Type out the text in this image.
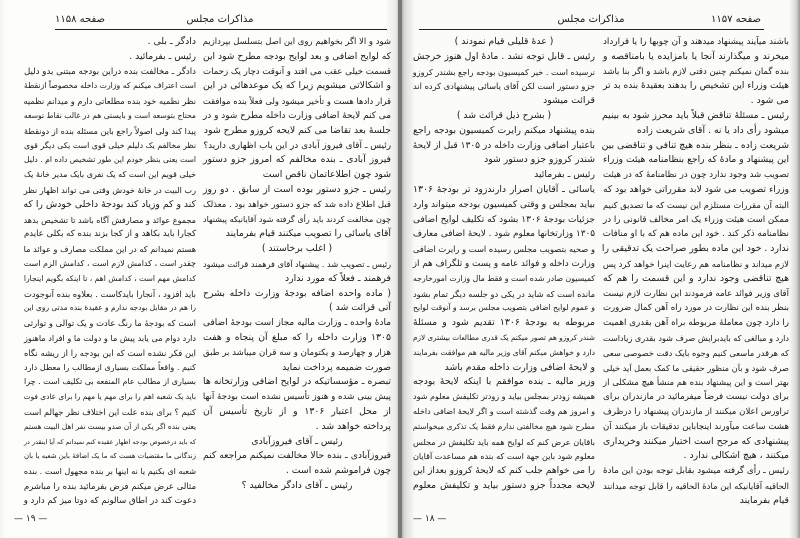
مذاکرات مجلس
صفحه ۱۱۵۸
دادگر ـ بلی .
رئیس ـ بفرمائید .
دادگر ـ مخالفت بنده دراین بودجه مبتنی بدو دلیل
است اعتراف میکنم که وزارت داخله مخصوصاً ازنقطهٔ
نظر نظمیه خود بنده مطلعاتی دارم و میدانم نظمیه
محتاج بتوسعه است و بایستی هم در غالب نقاط توسعه
پیدا کند ولی اصولاً راجع باین مسئله بنده از دونقطهٔ
نظر مخالفم یک دلیلم خیلی قوی است یکی دیگر قوی
است یعنی بنظر خودم این طور تشخیص داده ام . دلیل
خیلی قویم این است که یک نفری بایک مدیر خانهٔ یک
رب البیت در خانهٔ خودش وقتی می تواند اظهار نظر
کند و کم وزیاد کند بودجهٔ داخلی خودش را که
مجموع عوائد و مصارفش آگاه باشد تا تشخیص بدهد
کجارا باید بکاهد و از کجا بزند بنده که بکلی عایدم
هستم نمیدانم که در این مملکت مصارف و عوائد ما
چقدر است ، کدامش لازم است ، کدامش الزم است
کدامش مهم است ، کدامش اهم ، تا اینکه بگویم اینجارا
باید افزود ، آنجارا بایدکاست . بعلاوه بنده آنوجودت
را هم در مقابل بودجه ندارم و عقیدهٔ بنده مدتی روی این
است که بودجهٔ ما رنگ عادت و یک توالی و توارثی
دارد دوام می یابد پیش ما و دولت ما و افراد ماهنوز
این فکر نشده است که این بودجه را از ریشه نگاه
کنیم . واقعاً مملکت بسیاری ازمطالب را معطل دارد
بسیاری از مطالب عام المنفعه بی تکلیف است . چرا
باید یک شعبه اهم را برای مهم یا مهم را برای عادی فوت
کنیم ؟ برای بنده علت این اختلاف نظر جهالم است
یعنی بنده اگر یکی از آن صدو بیست نفر اهل البیت هستم
که باید درخصوص بودجه اظهار عقیده کنم نمیدانم که آیا اینقدر در
زندگانی ما مقتضیات هست که ما یک اضافهٔ باین شعبه یا بان
شعبه ای بکنیم یا نه اینها بر بنده مجهول است . بنده
مثالی عرض میکنم فرض بفرمائید بنده را مباشرم
دعوت کند در اطاق سالونم که دوتا میز کم دارد و
شود و الا اگر بخواهیم روی این اصل بتسلسل بپردازیم
که لوایح اضافی و بعد لوایح بودجه مطرح شود این
قسمت خیلی عقب می افتد و آنوقت دچار یک زحمات
و اشکالاتی میشویم زیرا که یک موعدهائی در این
قرار دادها هست و تأخیر میشود ولی فعلاً بنده موافقت
می کنم لایحهٔ اضافی وزارت داخله مطرح شود و در
جلسهٔ بعد تقاضا می کنم لایحه کروزو مطرح شود
رئیس ـ آقای فیروز آبادی در این باب اظهاری دارید؟
فیروز آبادی ـ بنده مخالفم که امروز جزو دستور
شود چون اطلاعاتمان ناقص است
رئیس ـ جزو دستور بوده است از سابق . دو روز
قبل اطلاع داده شد که جزو دستور خواهد بود . معذلک
چون مخالفت کردند باید رأی گرفته شود آقایانیکه پیشنهاد
آقای یاسائی را تصویب میکنند قیام بفرمایند
( اغلب برخاستند )
رئیس ـ تصویب شد . پیشنهاد آقای فرهمند قرائت میشود
فرهمند ـ فعلاً که مورد ندارد
( ماده واحده اضافه بودجهٔ وزارت داخله بشرح
آتی قرائت شد )
مادهٔ واحده ـ وزارت مالیه مجاز است بودجهٔ اضافی
۱۳۰۵ وزارت داخله را که مبلغ آن پنجاه و هفت
هزار و چهارصد و یکتومان و سه قران میباشد بر طبق
صورت ضمیمه پرداخت نماید
تبصره ـ مؤسساتیکه در لوایح اضافی وزارتخانه ها
پیش بینی شده و هنوز تأسیس نشده است بودجهٔ آنها
از محل اعتبار ۱۳۰۶ و از تاریخ تأسیس آن
پرداخته خواهد شد .
رئیس ـ آقای فیروزآبادی
فیروزآبادی ـ بنده حالا مخالفت نمیکنم مراجعه کنم
چون فراموشم شده است .
رئیس ـ آقای دادگر مخالفید ؟
— ۱۹ —
مذاکرات مجلس	صفحه ۱۱۵۷
( عدهٔ قلیلی قیام نمودند )
رئیس ـ قابل توجه نشد . مادهٔ اول هنوز خرجش
نرسیده است . خیر کمیسیون بودجه راجع بشندر کروزو
جزو دستور است لکن آقای یاسائی پیشنهادی کرده اند
قرائت میشود
( بشرح ذیل قرائت شد )
بنده پیشنهاد میکنم رایرت کمیسیون بودجه راجع
باعتبار اضافی وزارت داخله در ۱۳۰۵ قبل از لایحهٔ
شندر کروزو جزو دستور شود
رئیس ـ بفرمائید
یاسائی ـ آقایان اصرار دارندزود تر بودجهٔ ۱۳۰۶
بیاید بمجلس و وقتی کمیسیون بودجه میتواند وارد
جزئیات بودجهٔ ۱۳۰۶ بشود که تکلیف لوایح اضافی
۱۳۰۵ وزارتخانها معلوم شود . لایحهٔ اضافی معارف
و صحیه بتصویب مجلس رسیده است و رایرت اضافی
وزارت داخله و فوائد عامه و پست و تلگراف هم از
کمیسیون صادر شده است و فقط مال وزارت امورخارجه
مانده است که شاید در یکی دو جلسه دیگر تمام بشود
و عموم لوایح اضافی بتصویب مجلس برسد و آنوقت لوایح
مربوطه به بودجهٔ ۱۳۰۶ تقدیم شود و مسئلهٔ
شندر کروزو هم تصور میکنم یک قدری مطالعات بیشتری لازم
دارد و خواهش میکنم آقای وزیر مالیه هم موافقت بفرمایند
و لایحهٔ اضافی وزارت داخله مقدم باشد
وزیر مالیه ـ بنده موافقم با اینکه لایحهٔ بودجه
همیشه زودتر بمجلس بیاید و زودتر تکلیفش معلوم شود
و امروز هم وقت گذشته است و اگر لایحهٔ اضافی داخله
مطرح شود هیچ مخالفتی ندارم فقط یک تذکری میخواستم
باقایان عرض کنم که لوایح همه باید تکلیفش در مجلس
معلوم شود باین جهة است که بنده هم مساعدت آقایان
را می خواهم جلب کنم که لایحهٔ کروزو بعداز این
لایحه مجدداً جزو دستور بیاید و تکلیفش معلوم
باشند میآیند پیشنهاد میدهند و آن چوبها را یا قرارداد
میخرند و میگذارند آنجا یا بامزایده یا بامناقصه و
بنده گمان نمیکنم چنین دقتی لازم باشد و اگر بنا باشد
هیئت وزراء این تشخیص را بدهند بعقیدهٔ بنده بد تر
می شود .
رئیس ـ مسئلهٔ تناقض قبلاً باید محرز شود به بینیم
میشود رأی داد یا نه . آقای شریعت زاده
شریعت زاده ـ بنظر بنده هیچ تنافی و تناقضی بین
این پیشنهاد و مادهٔ که راجع بنظامنامه هیئت وزراء
تصویب شد وجود ندارد چون در نظامنامهٔ که در هیئت
وزراء تصویب می شود لابد مقرراتی خواهد بود که
البته آن مقررات مستلزم این نیست که ما تصدیق کنیم
ممکن است هیئت وزراء یک امر مخالف قانونی را در
نظامنامه ذکر کند . خود این ماده هم که با او منافات
ندارد . خود این ماده بطور صراحت یک تدقیقی را
لازم میداند و نظامنامه هم رعایت اینرا خواهد کرد پس
هیچ تناقضی وجود ندارد و این قسمت را هم که
آقای وزیر فوائد عامه فرمودند این نظارت لازم نیست
بنظر بنده این نظارت در مورد راه آهن کمال ضرورت
را دارد چون معاملهٔ مربوطه براه آهن بقدری اهمیت
دارد و مبالغی که بایدبرایش صرف شود بقدری زیاداست
که هرقدر ماسعی کنیم وجوه بایک دقت خصوصی سعی
صرف شود و بآن منظور حقیقی ما کمک بعمل آید خیلی
بهتر است و این پیشنهاد بنده هم منشأ هیچ مشکلی از
برای دولت نیست فرضاً میفرمائید در مازندران برای
تراورس اعلان میکنند از مازندران پیشنهاد را درظرف
هشت ساعت میآورند اینجاباین تدقیقات باز میکنند آن
پیشنهادی که مرجح است اختیار میکنند وخریداری
میکنند ، هیچ اشکالی ندارد .
رئیس ـ رأی گرفته میشود بقابل توجه بودن این مادهٔ
الحاقیه آقایانیکه این مادهٔ الحاقیه را قابل توجه میدانند
قیام بفرمایند
— ۱۸ —
